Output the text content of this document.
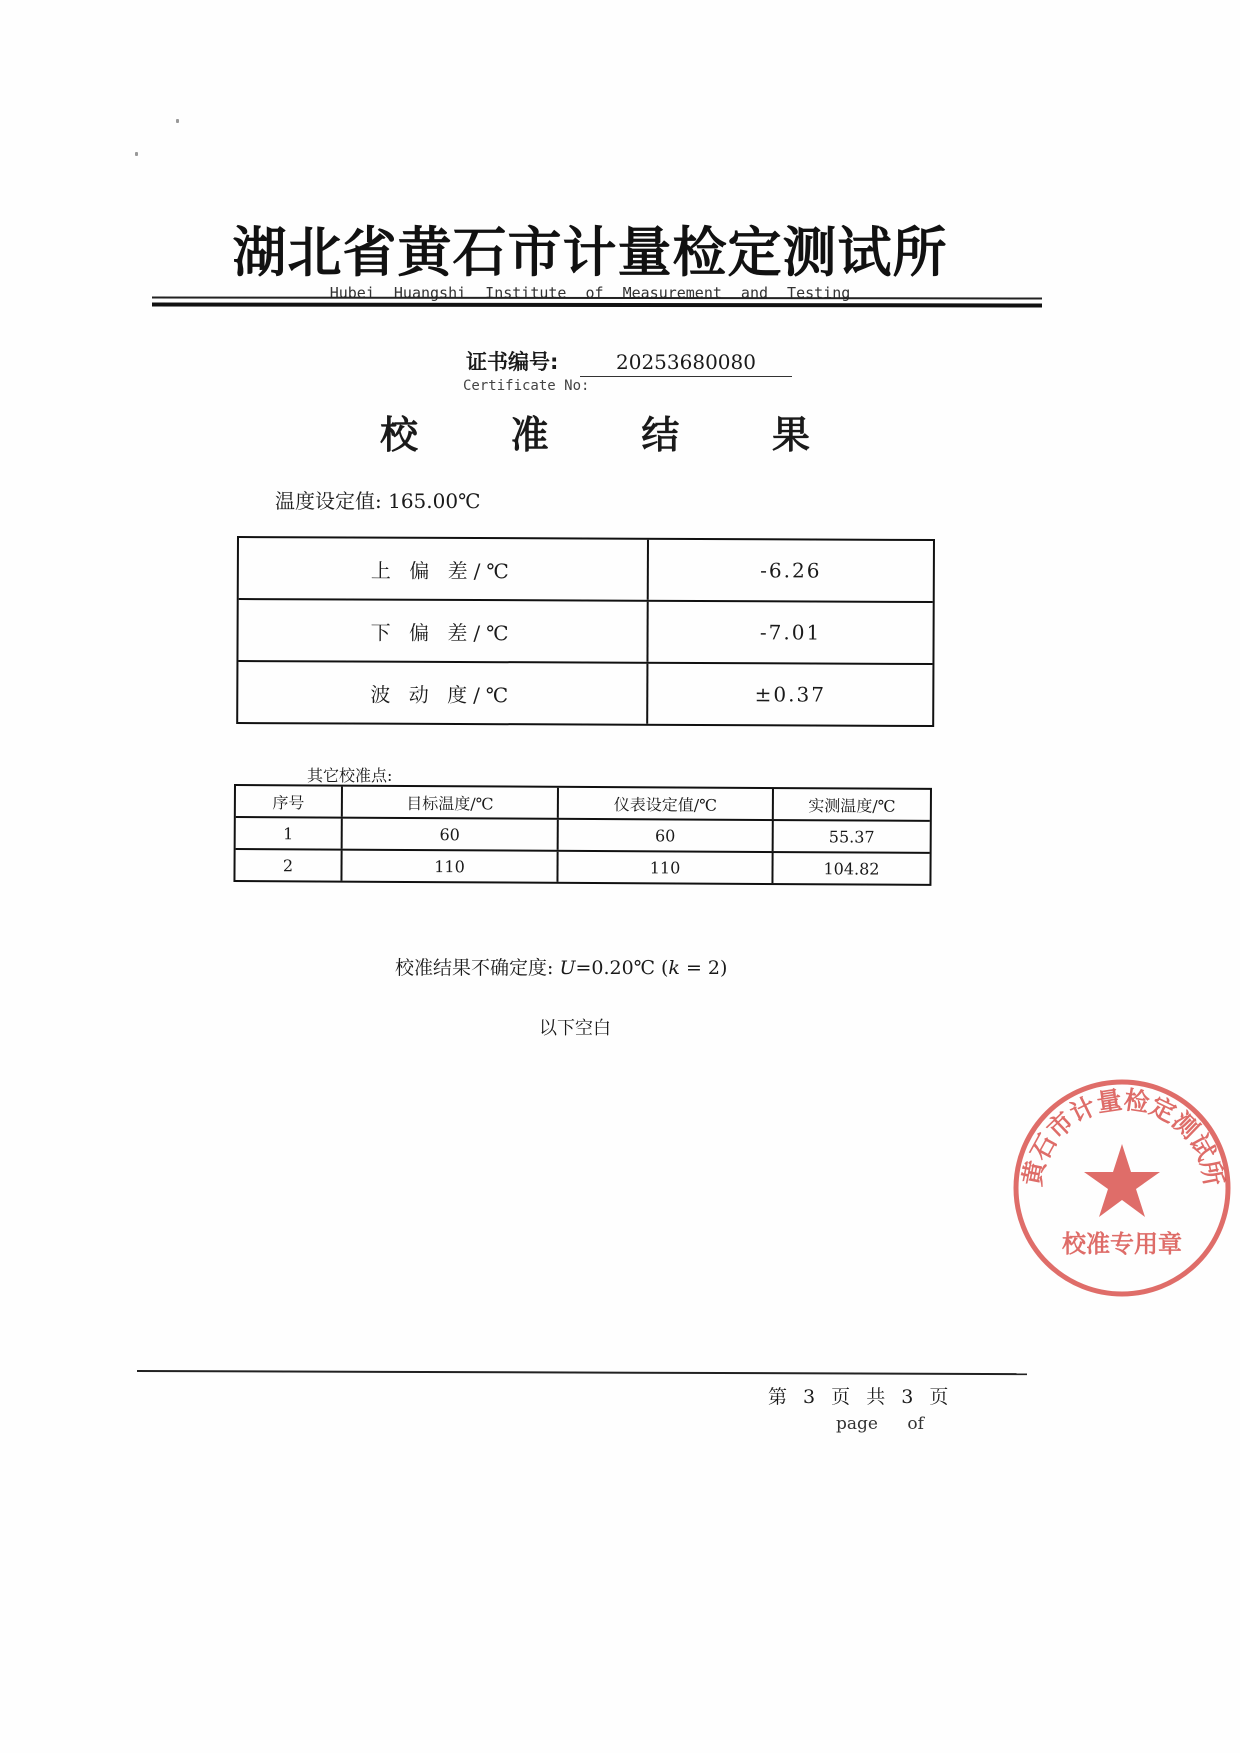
湖北省黄石市计量检定测试所
Hubei Huangshi Institute of Measurement and Testing
证书编号:	20253680080
Certificate No:
校 准 结 果
温度设定值: 165.00℃
上 偏 差/℃	-6.26
下 偏 差/℃	-7.01
波 动 度/℃	±0.37
其它校准点:
序号	目标温度/℃	仪表设定值/℃	实测温度/℃
1	60	60	55.37
2	110	110	104.82
校准结果不确定度: U=0.20℃ (k = 2)
以下空白
黄石市计量检定测试所
校准专用章
第 3 页 共 3 页
page of
